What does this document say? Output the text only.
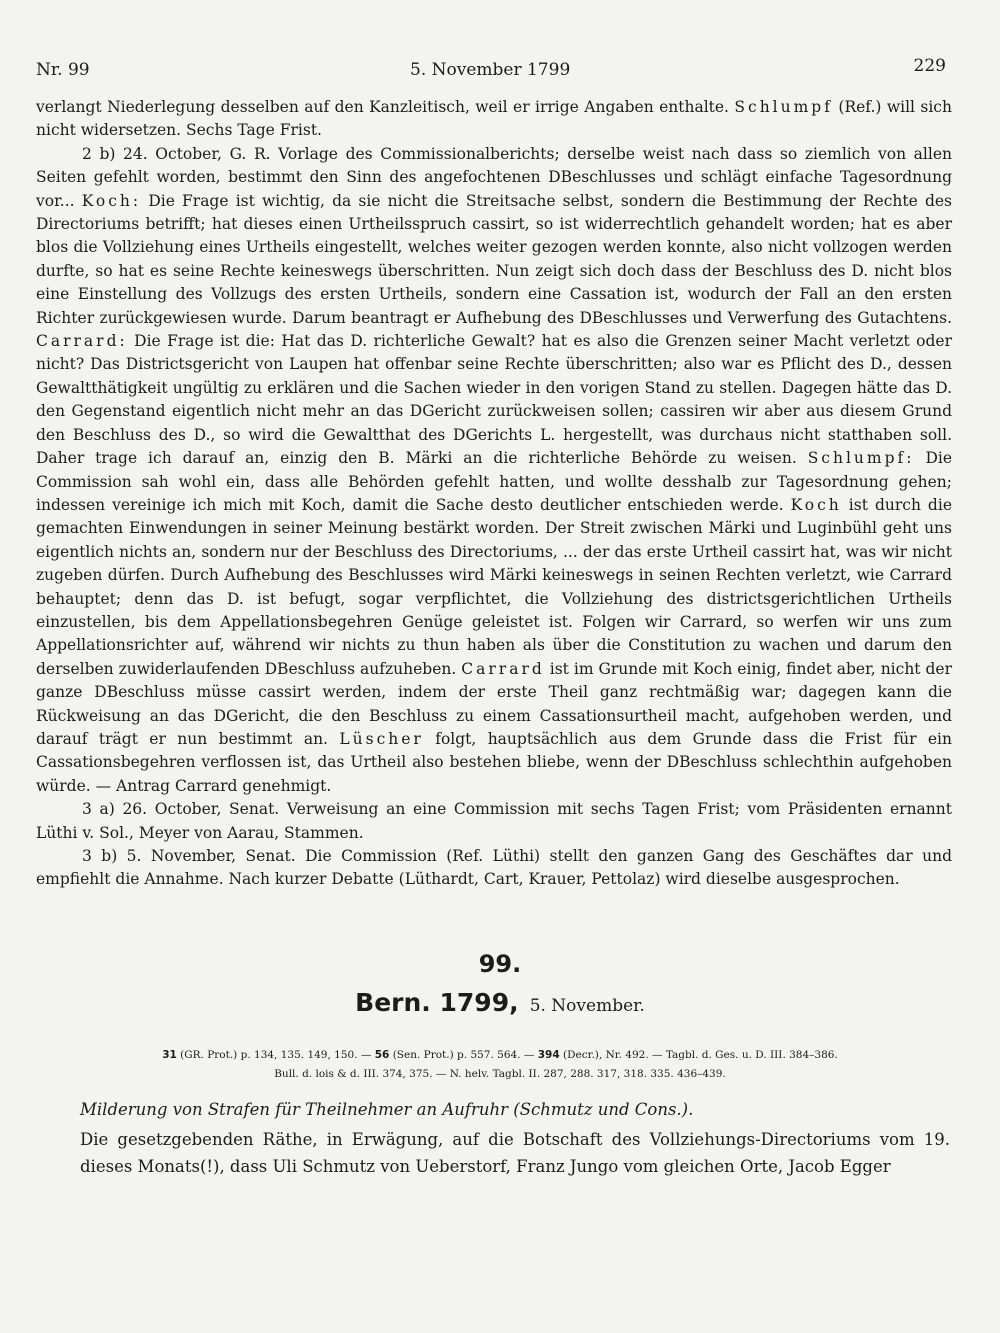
Nr. 99	5. November 1799	229

verlangt Niederlegung desselben auf den Kanzleitisch, weil er irrige Angaben enthalte. Schlumpf (Ref.) will sich nicht widersetzen. Sechs Tage Frist.

2 b) 24. October, G. R. Vorlage des Commissionalberichts; derselbe weist nach dass so ziemlich von allen Seiten gefehlt worden, bestimmt den Sinn des angefochtenen DBeschlusses und schlägt einfache Tagesordnung vor... Koch: Die Frage ist wichtig, da sie nicht die Streitsache selbst, sondern die Bestimmung der Rechte des Directoriums betrifft; hat dieses einen Urtheilsspruch cassirt, so ist widerrechtlich gehandelt worden; hat es aber blos die Vollziehung eines Urtheils eingestellt, welches weiter gezogen werden konnte, also nicht vollzogen werden durfte, so hat es seine Rechte keineswegs überschritten. Nun zeigt sich doch dass der Beschluss des D. nicht blos eine Einstellung des Vollzugs des ersten Urtheils, sondern eine Cassation ist, wodurch der Fall an den ersten Richter zurückgewiesen wurde. Darum beantragt er Aufhebung des DBeschlusses und Verwerfung des Gutachtens. Carrard: Die Frage ist die: Hat das D. richterliche Gewalt? hat es also die Grenzen seiner Macht verletzt oder nicht? Das Districtsgericht von Laupen hat offenbar seine Rechte überschritten; also war es Pflicht des D., dessen Gewaltthätigkeit ungültig zu erklären und die Sachen wieder in den vorigen Stand zu stellen. Dagegen hätte das D. den Gegenstand eigentlich nicht mehr an das DGericht zurückweisen sollen; cassiren wir aber aus diesem Grund den Beschluss des D., so wird die Gewaltthat des DGerichts L. hergestellt, was durchaus nicht statthaben soll. Daher trage ich darauf an, einzig den B. Märki an die richterliche Behörde zu weisen. Schlumpf: Die Commission sah wohl ein, dass alle Behörden gefehlt hatten, und wollte desshalb zur Tagesordnung gehen; indessen vereinige ich mich mit Koch, damit die Sache desto deutlicher entschieden werde. Koch ist durch die gemachten Einwendungen in seiner Meinung bestärkt worden. Der Streit zwischen Märki und Luginbühl geht uns eigentlich nichts an, sondern nur der Beschluss des Directoriums, ... der das erste Urtheil cassirt hat, was wir nicht zugeben dürfen. Durch Aufhebung des Beschlusses wird Märki keineswegs in seinen Rechten verletzt, wie Carrard behauptet; denn das D. ist befugt, sogar verpflichtet, die Vollziehung des districtsgerichtlichen Urtheils einzustellen, bis dem Appellationsbegehren Genüge geleistet ist. Folgen wir Carrard, so werfen wir uns zum Appellationsrichter auf, während wir nichts zu thun haben als über die Constitution zu wachen und darum den derselben zuwiderlaufenden DBeschluss aufzuheben. Carrard ist im Grunde mit Koch einig, findet aber, nicht der ganze DBeschluss müsse cassirt werden, indem der erste Theil ganz rechtmäßig war; dagegen kann die Rückweisung an das DGericht, die den Beschluss zu einem Cassationsurtheil macht, aufgehoben werden, und darauf trägt er nun bestimmt an. Lüscher folgt, hauptsächlich aus dem Grunde dass die Frist für ein Cassationsbegehren verflossen ist, das Urtheil also bestehen bliebe, wenn der DBeschluss schlechthin aufgehoben würde. — Antrag Carrard genehmigt.

3 a) 26. October, Senat. Verweisung an eine Commission mit sechs Tagen Frist; vom Präsidenten ernannt Lüthi v. Sol., Meyer von Aarau, Stammen.

3 b) 5. November, Senat. Die Commission (Ref. Lüthi) stellt den ganzen Gang des Geschäftes dar und empfiehlt die Annahme. Nach kurzer Debatte (Lüthardt, Cart, Krauer, Pettolaz) wird dieselbe ausgesprochen.

99.
Bern. 1799, 5. November.
31 (GR. Prot.) p. 134, 135. 149, 150. — 56 (Sen. Prot.) p. 557. 564. — 394 (Decr.), Nr. 492. — Tagbl. d. Ges. u. D. III. 384–386.
Bull. d. lois & d. III. 374, 375. — N. helv. Tagbl. II. 287, 288. 317, 318. 335. 436–439.
Milderung von Strafen für Theilnehmer an Aufruhr (Schmutz und Cons.).

Die gesetzgebenden Räthe, in Erwägung, auf die Botschaft des Vollziehungs-Directoriums vom 19. dieses Monats(!), dass Uli Schmutz von Ueberstorf, Franz Jungo vom gleichen Orte, Jacob Egger
